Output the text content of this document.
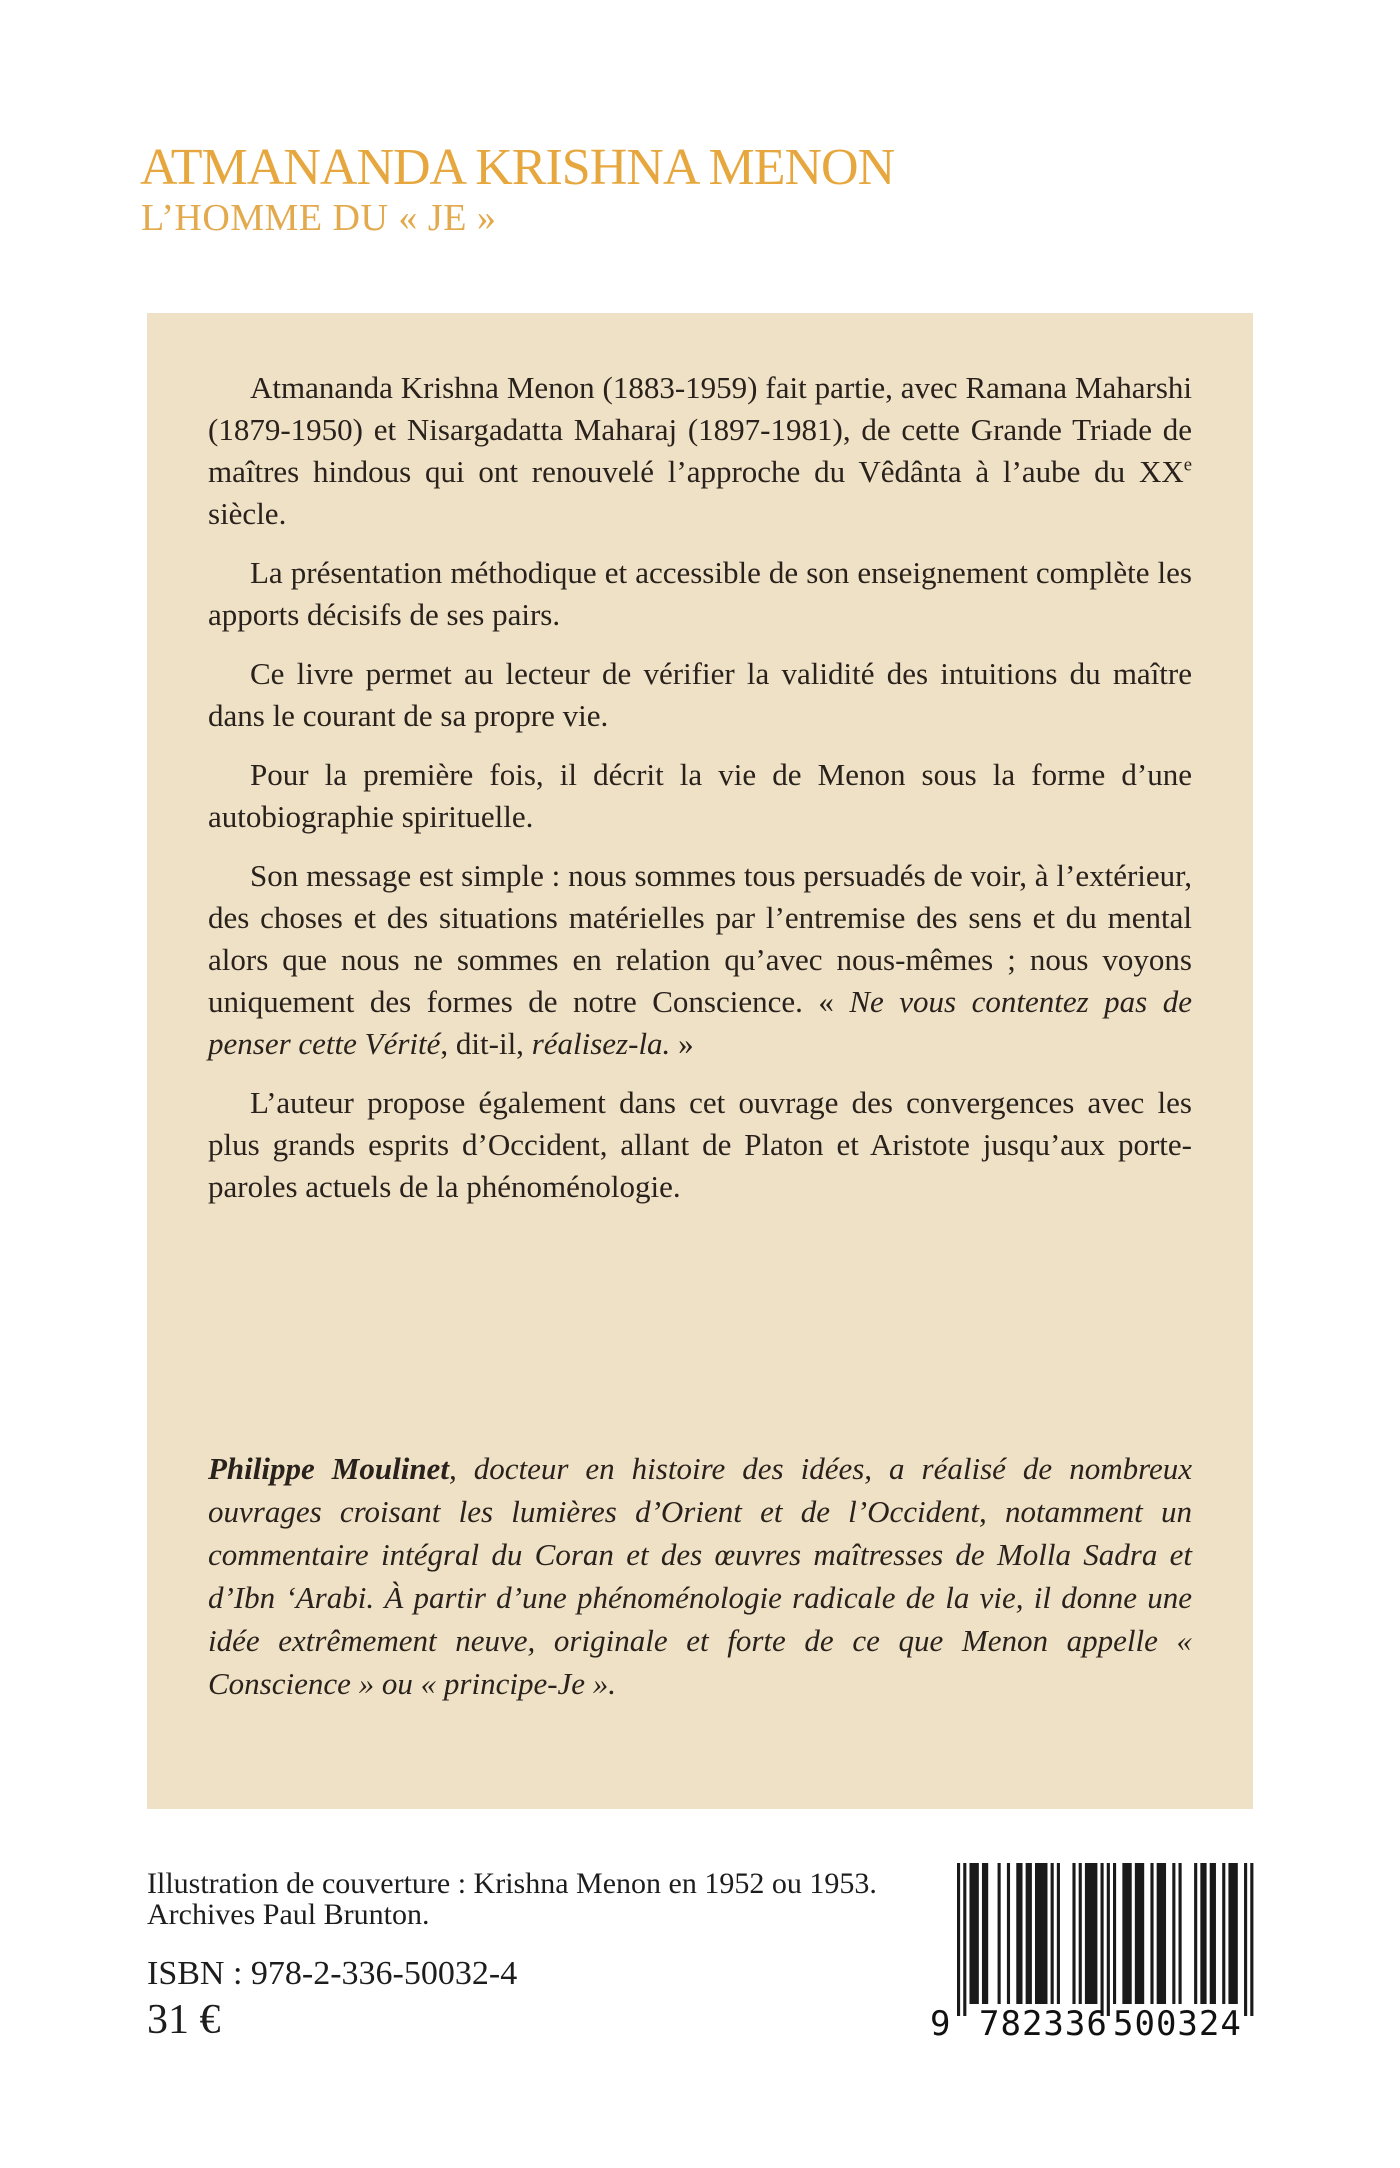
ATMANANDA KRISHNA MENON
L’HOMME DU « JE »

Atmananda Krishna Menon (1883-1959) fait partie, avec Ramana Maharshi (1879-1950) et Nisargadatta Maharaj (1897-1981), de cette Grande Triade de maîtres hindous qui ont renouvelé l’approche du Vêdânta à l’aube du XXe siècle.

La présentation méthodique et accessible de son enseignement complète les apports décisifs de ses pairs.

Ce livre permet au lecteur de vérifier la validité des intuitions du maître dans le courant de sa propre vie.

Pour la première fois, il décrit la vie de Menon sous la forme d’une autobiographie spirituelle.

Son message est simple : nous sommes tous persuadés de voir, à l’extérieur, des choses et des situations matérielles par l’entremise des sens et du mental alors que nous ne sommes en relation qu’avec nous-mêmes ; nous voyons uniquement des formes de notre Conscience. « Ne vous contentez pas de penser cette Vérité, dit-il, réalisez-la. »

L’auteur propose également dans cet ouvrage des convergences avec les plus grands esprits d’Occident, allant de Platon et Aristote jusqu’aux porte-paroles actuels de la phénoménologie.

Philippe Moulinet, docteur en histoire des idées, a réalisé de nombreux ouvrages croisant les lumières d’Orient et de l’Occident, notamment un commentaire intégral du Coran et des œuvres maîtresses de Molla Sadra et d’Ibn ‘Arabi. À partir d’une phénoménologie radicale de la vie, il donne une idée extrêmement neuve, originale et forte de ce que Menon appelle « Conscience » ou « principe-Je ».
Illustration de couverture : Krishna Menon en 1952 ou 1953.
Archives Paul Brunton.
ISBN : 978-2-336-50032-4
31 €	9 782336 500324
